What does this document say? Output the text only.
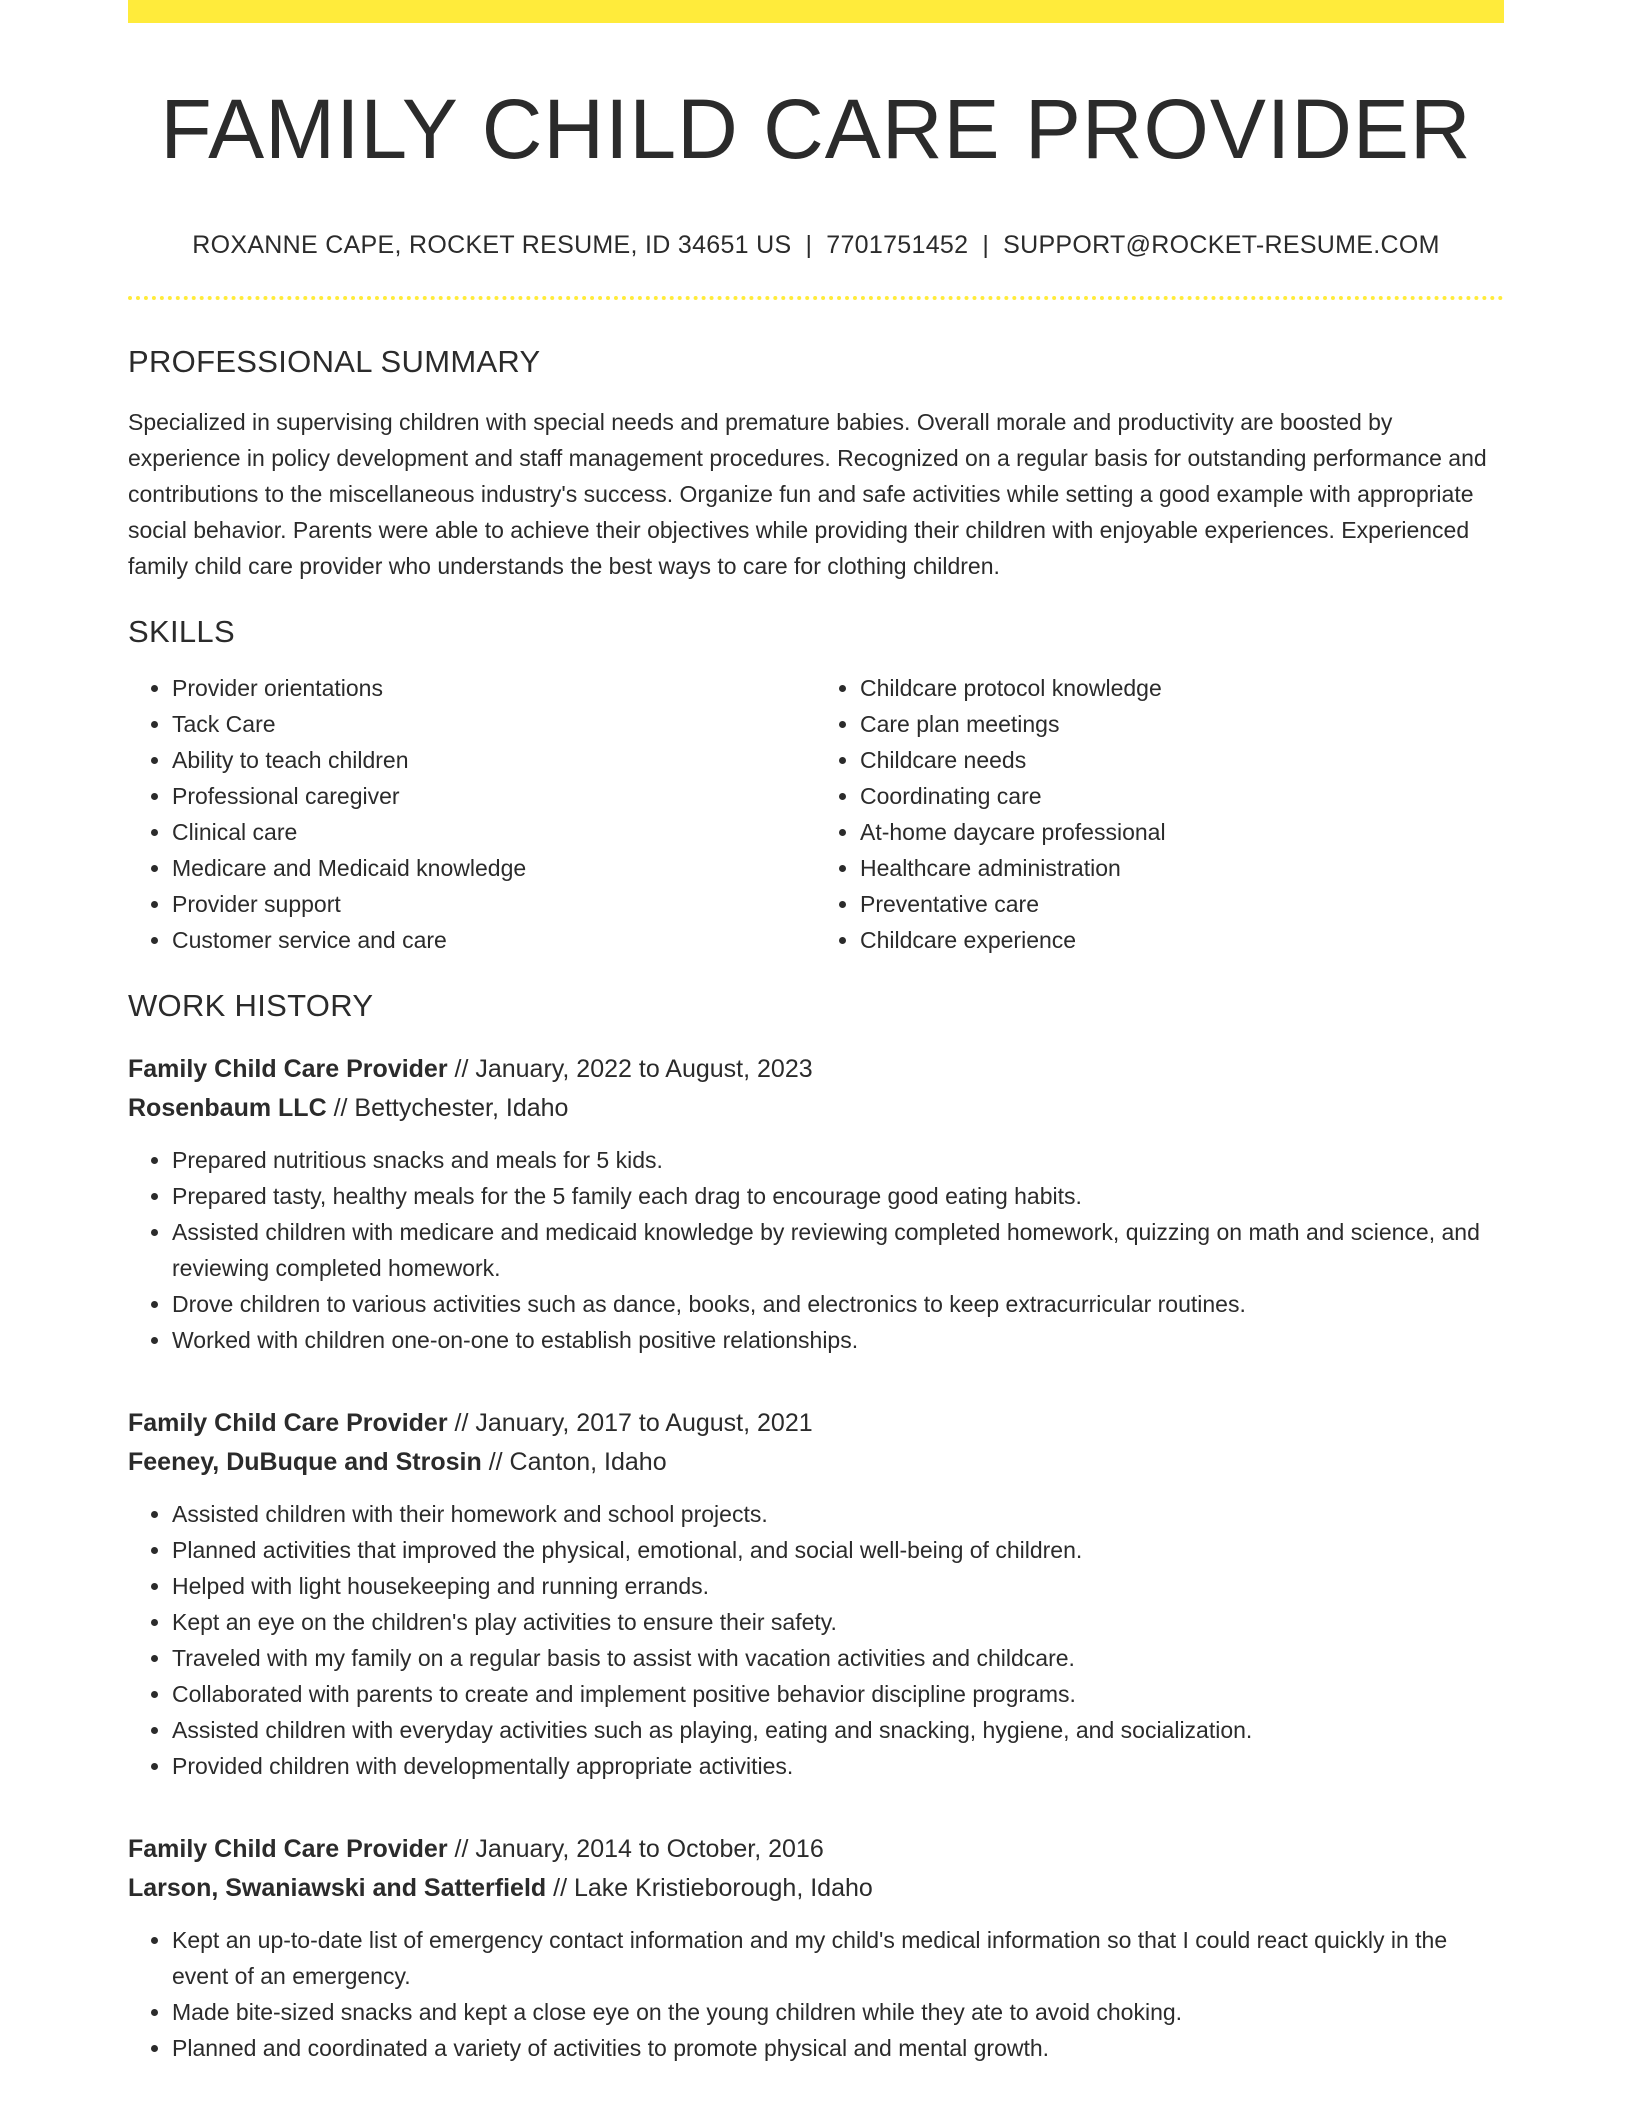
FAMILY CHILD CARE PROVIDER
ROXANNE CAPE, ROCKET RESUME, ID 34651 US | 7701751452 | SUPPORT@ROCKET-RESUME.COM
PROFESSIONAL SUMMARY

Specialized in supervising children with special needs and premature babies. Overall morale and productivity are boosted by experience in policy development and staff management procedures. Recognized on a regular basis for outstanding performance and contributions to the miscellaneous industry's success. Organize fun and safe activities while setting a good example with appropriate social behavior. Parents were able to achieve their objectives while providing their children with enjoyable experiences. Experienced family child care provider who understands the best ways to care for clothing children.

SKILLS
• Provider orientations
• Tack Care
• Ability to teach children
• Professional caregiver
• Clinical care
• Medicare and Medicaid knowledge
• Provider support
• Customer service and care
• Childcare protocol knowledge
• Care plan meetings
• Childcare needs
• Coordinating care
• At-home daycare professional
• Healthcare administration
• Preventative care
• Childcare experience
WORK HISTORY
Family Child Care Provider // January, 2022 to August, 2023
Rosenbaum LLC // Bettychester, Idaho
• Prepared nutritious snacks and meals for 5 kids.
• Prepared tasty, healthy meals for the 5 family each drag to encourage good eating habits.
• Assisted children with medicare and medicaid knowledge by reviewing completed homework, quizzing on math and science, and reviewing completed homework.
• Drove children to various activities such as dance, books, and electronics to keep extracurricular routines.
• Worked with children one-on-one to establish positive relationships.
Family Child Care Provider // January, 2017 to August, 2021
Feeney, DuBuque and Strosin // Canton, Idaho
• Assisted children with their homework and school projects.
• Planned activities that improved the physical, emotional, and social well-being of children.
• Helped with light housekeeping and running errands.
• Kept an eye on the children's play activities to ensure their safety.
• Traveled with my family on a regular basis to assist with vacation activities and childcare.
• Collaborated with parents to create and implement positive behavior discipline programs.
• Assisted children with everyday activities such as playing, eating and snacking, hygiene, and socialization.
• Provided children with developmentally appropriate activities.
Family Child Care Provider // January, 2014 to October, 2016
Larson, Swaniawski and Satterfield // Lake Kristieborough, Idaho
• Kept an up-to-date list of emergency contact information and my child's medical information so that I could react quickly in the event of an emergency.
• Made bite-sized snacks and kept a close eye on the young children while they ate to avoid choking.
• Planned and coordinated a variety of activities to promote physical and mental growth.
